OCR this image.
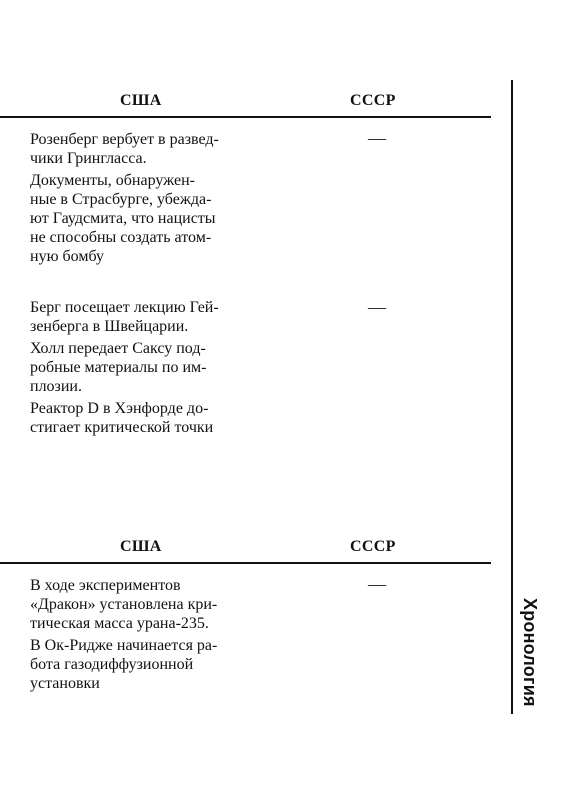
США	СССР

Розенберг вербует в развед-
чики Гринглаcса.

Документы, обнаружен-
ные в Страсбурге, убежда-
ют Гаудсмита, что нацисты
не способны создать атом-
ную бомбу

—

Берг посещает лекцию Гей-
зенберга в Швейцарии.

Холл передает Саксу под-
робные материалы по им-
плозии.

Реактор D в Хэнфорде до-
стигает критической точки

—
США	СССР

В ходе экспериментов
«Дракон» установлена кри-
тическая масса урана-235.

В Ок-Ридже начинается ра-
бота газодиффузионной
установки

—
Хронология
